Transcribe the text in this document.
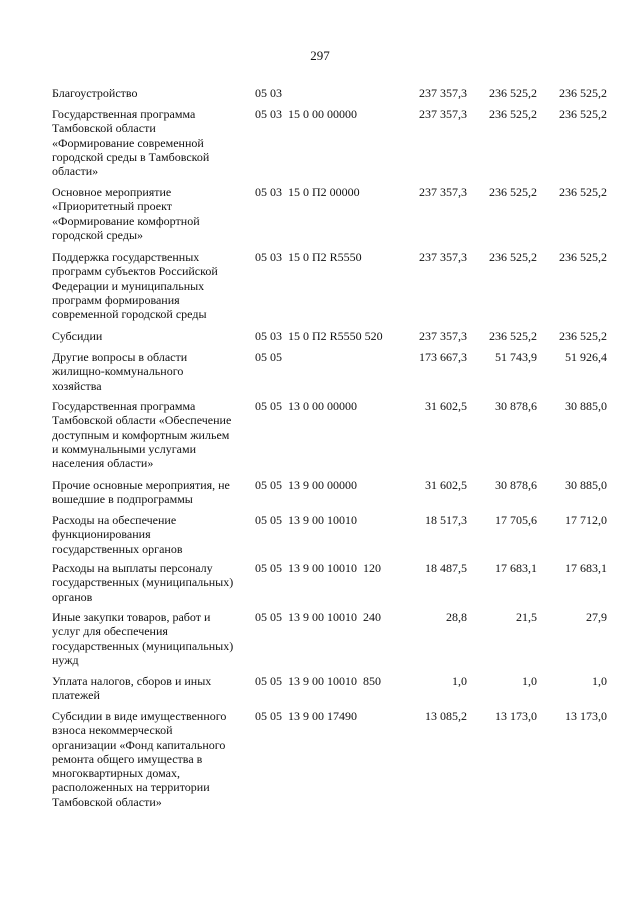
297
Благоустройство	05 03	237 357,3 236 525,2 236 525,2
Государственная программа
Тамбовской области
«Формирование современной
городской среды в Тамбовской
области»
05 03  15 0 00 00000	237 357,3 236 525,2 236 525,2
Основное мероприятие
«Приоритетный проект
«Формирование комфортной
городской среды»
05 03  15 0 П2 00000	237 357,3 236 525,2 236 525,2
Поддержка государственных
программ субъектов Российской
Федерации и муниципальных
программ формирования
современной городской среды
05 03  15 0 П2 R5550	237 357,3 236 525,2 236 525,2
Субсидии	05 03  15 0 П2 R5550 520	237 357,3 236 525,2 236 525,2
Другие вопросы в области
жилищно-коммунального
хозяйства
05 05	173 667,3 51 743,9 51 926,4
Государственная программа
Тамбовской области «Обеспечение
доступным и комфортным жильем
и коммунальными услугами
населения области»
05 05  13 0 00 00000	31 602,5 30 878,6 30 885,0
Прочие основные мероприятия, не
вошедшие в подпрограммы
05 05  13 9 00 00000	31 602,5 30 878,6 30 885,0
Расходы на обеспечение
функционирования
государственных органов
05 05  13 9 00 10010	18 517,3 17 705,6 17 712,0
Расходы на выплаты персоналу
государственных (муниципальных)
органов
05 05  13 9 00 10010  120	18 487,5 17 683,1 17 683,1
Иные закупки товаров, работ и
услуг для обеспечения
государственных (муниципальных)
нужд
05 05  13 9 00 10010  240	28,8	21,5	27,9
Уплата налогов, сборов и иных
платежей
05 05  13 9 00 10010  850	1,0	1,0	1,0
Субсидии в виде имущественного
взноса некоммерческой
организации «Фонд капитального
ремонта общего имущества в
многоквартирных домах,
расположенных на территории
Тамбовской области»
05 05  13 9 00 17490	13 085,2 13 173,0 13 173,0
